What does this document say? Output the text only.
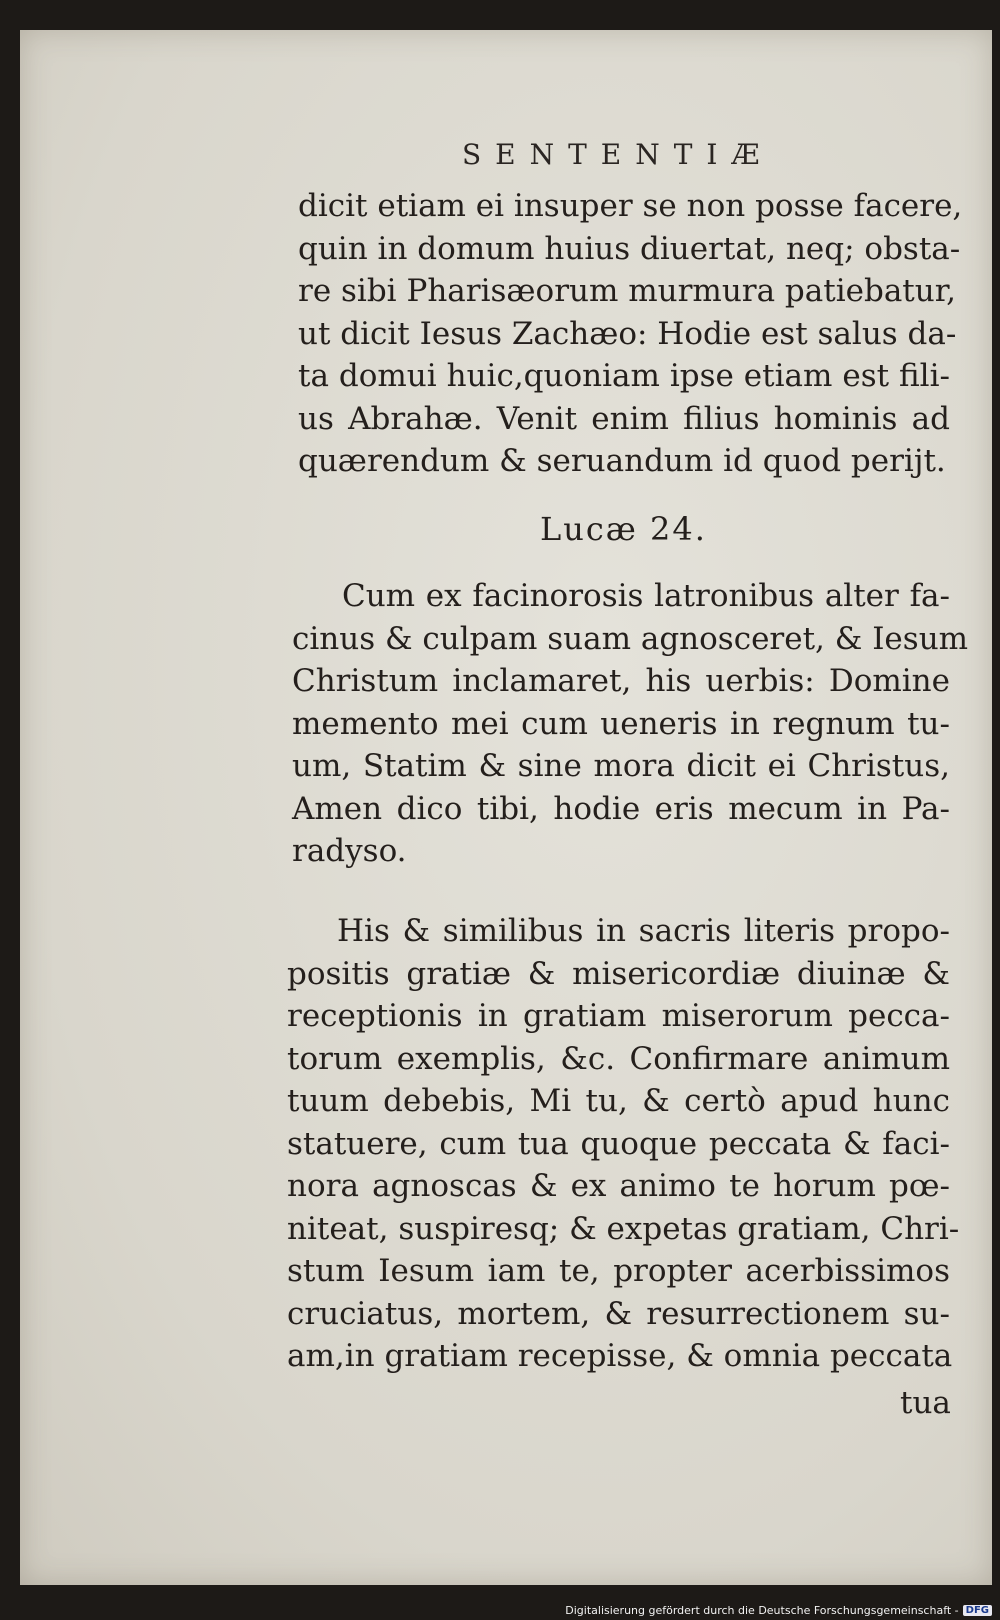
SENTENTIÆ
dicit etiam ei insuper se non posse facere,
quin in domum huius diuertat, neq; obsta-
re sibi Pharisæorum murmura patiebatur,
ut dicit Iesus Zachæo: Hodie est salus da-
ta domui huic,quoniam ipse etiam est fili-
us Abrahæ. Venit enim filius hominis ad
quærendum & seruandum id quod perijt.
Lucæ 24.
Cum ex facinorosis latronibus alter fa-
cinus & culpam suam agnosceret, & Iesum
Christum inclamaret, his uerbis: Domine
memento mei cum ueneris in regnum tu-
um, Statim & sine mora dicit ei Christus,
Amen dico tibi, hodie eris mecum in Pa-
radyso.
His & similibus in sacris literis propo-
positis gratiæ & misericordiæ diuinæ &
receptionis in gratiam miserorum pecca-
torum exemplis, &c. Confirmare animum
tuum debebis, Mi tu, & certò apud hunc
statuere, cum tua quoque peccata & faci-
nora agnoscas & ex animo te horum pœ-
niteat, suspiresq; & expetas gratiam, Chri-
stum Iesum iam te, propter acerbissimos
cruciatus, mortem, & resurrectionem su-
am,in gratiam recepisse, & omnia peccata
tua
Digitalisierung gefördert durch die Deutsche Forschungsgemeinschaft - DFG
